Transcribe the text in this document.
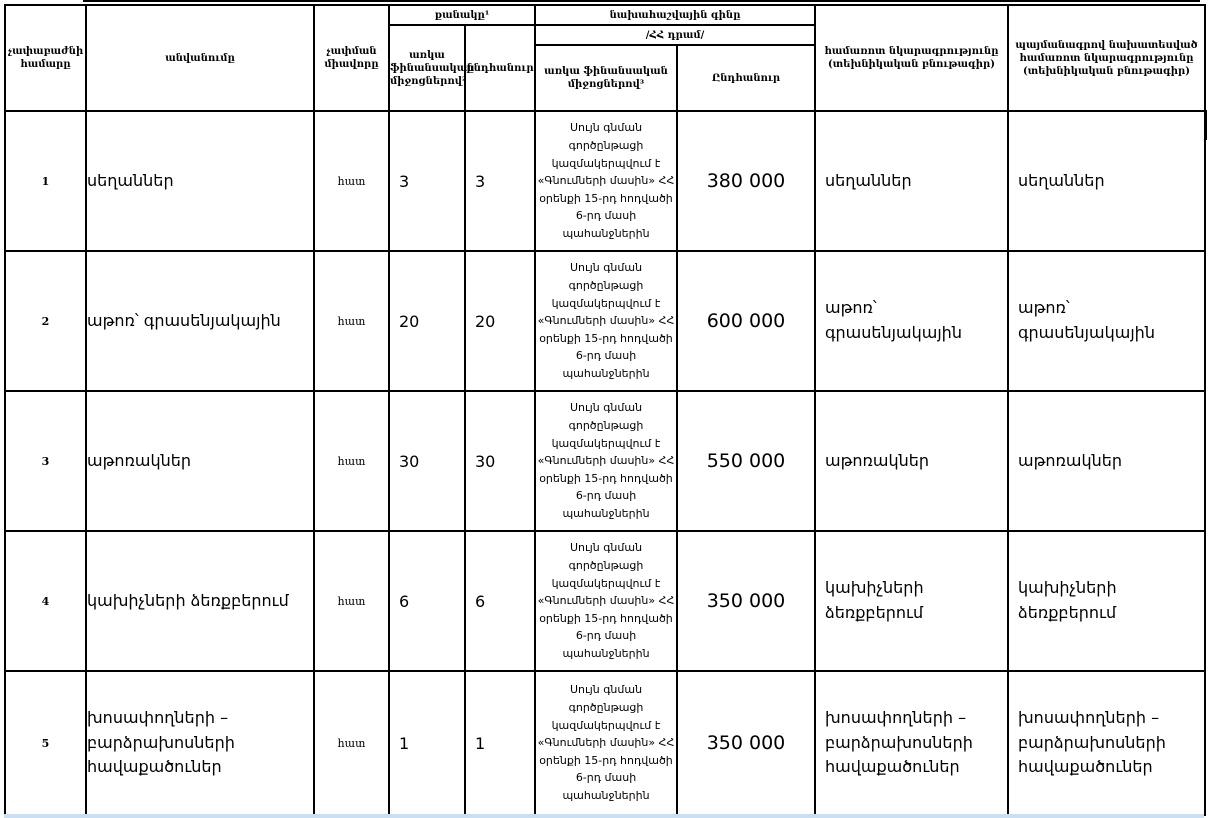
չափաբաժնի համարը	անվանումը	չափման միավորը	քանակը¹		նախահաշվային գինը		համառոտ նկարագրությունը (տեխնիկական բնութագիր)	պայմանագրով նախատեսված համառոտ նկարագրությունը (տեխնիկական բնութագիր)
			առկա ֆինանսական միջոցներով²	ընդհանուր	/ՀՀ դրամ/			
					առկա ֆինանսական միջոցներով³	Ընդհանուր		
1	սեղաններ	հատ	3	3	Սույն գնման գործընթացի կազմակերպվում է «Գնումների մասին» ՀՀ օրենքի 15-րդ հոդվածի 6-րդ մասի պահանջներին	380 000	սեղաններ	սեղաններ
2	աթոռ՝ գրասենյակային	հատ	20	20	Սույն գնման գործընթացի կազմակերպվում է «Գնումների մասին» ՀՀ օրենքի 15-րդ հոդվածի 6-րդ մասի պահանջներին	600 000	աթոռ՝ գրասենյակային	աթոռ՝ գրասենյակային
3	աթոռակներ	հատ	30	30	Սույն գնման գործընթացի կազմակերպվում է «Գնումների մասին» ՀՀ օրենքի 15-րդ հոդվածի 6-րդ մասի պահանջներին	550 000	աթոռակներ	աթոռակներ
4	կախիչների ձեռքբերում	հատ	6	6	Սույն գնման գործընթացի կազմակերպվում է «Գնումների մասին» ՀՀ օրենքի 15-րդ հոդվածի 6-րդ մասի պահանջներին	350 000	կախիչների ձեռքբերում	կախիչների ձեռքբերում
5	խոսափողների – բարձրախոսների հավաքածուներ	հատ	1	1	Սույն գնման գործընթացի կազմակերպվում է «Գնումների մասին» ՀՀ օրենքի 15-րդ հոդվածի 6-րդ մասի պահանջներին	350 000	խոսափողների – բարձրախոսների հավաքածուներ	խոսափողների – բարձրախոսների հավաքածուներ
